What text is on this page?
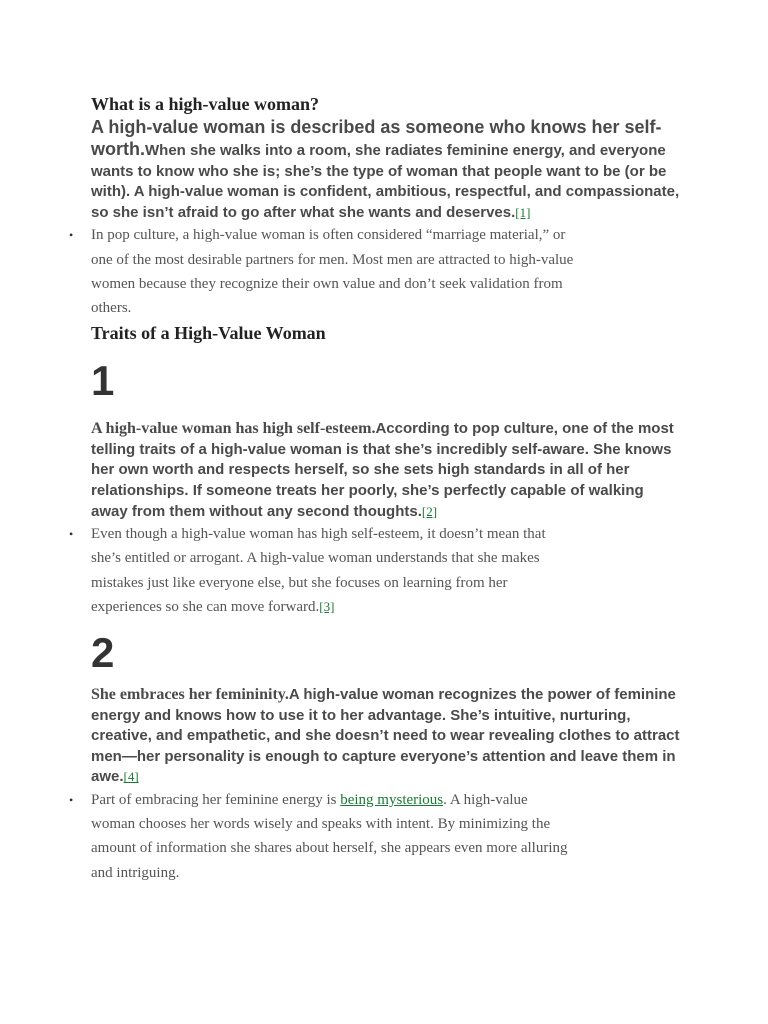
What is a high-value woman?

A high-value woman is described as someone who knows her self-worth.When she walks into a room, she radiates feminine energy, and everyone wants to know who she is; she’s the type of woman that people want to be (or be with). A high-value woman is confident, ambitious, respectful, and compassionate, so she isn’t afraid to go after what she wants and deserves.[1]

• In pop culture, a high-value woman is often considered “marriage material,” or one of the most desirable partners for men. Most men are attracted to high-value women because they recognize their own value and don’t seek validation from others.
Traits of a High-Value Woman
1

A high-value woman has high self-esteem.According to pop culture, one of the most telling traits of a high-value woman is that she’s incredibly self-aware. She knows her own worth and respects herself, so she sets high standards in all of her relationships. If someone treats her poorly, she’s perfectly capable of walking away from them without any second thoughts.[2]

• Even though a high-value woman has high self-esteem, it doesn’t mean that she’s entitled or arrogant. A high-value woman understands that she makes mistakes just like everyone else, but she focuses on learning from her experiences so she can move forward.[3]
2

She embraces her femininity.A high-value woman recognizes the power of feminine energy and knows how to use it to her advantage. She’s intuitive, nurturing, creative, and empathetic, and she doesn’t need to wear revealing clothes to attract men—her personality is enough to capture everyone’s attention and leave them in awe.[4]

• Part of embracing her feminine energy is being mysterious. A high-value woman chooses her words wisely and speaks with intent. By minimizing the amount of information she shares about herself, she appears even more alluring and intriguing.
